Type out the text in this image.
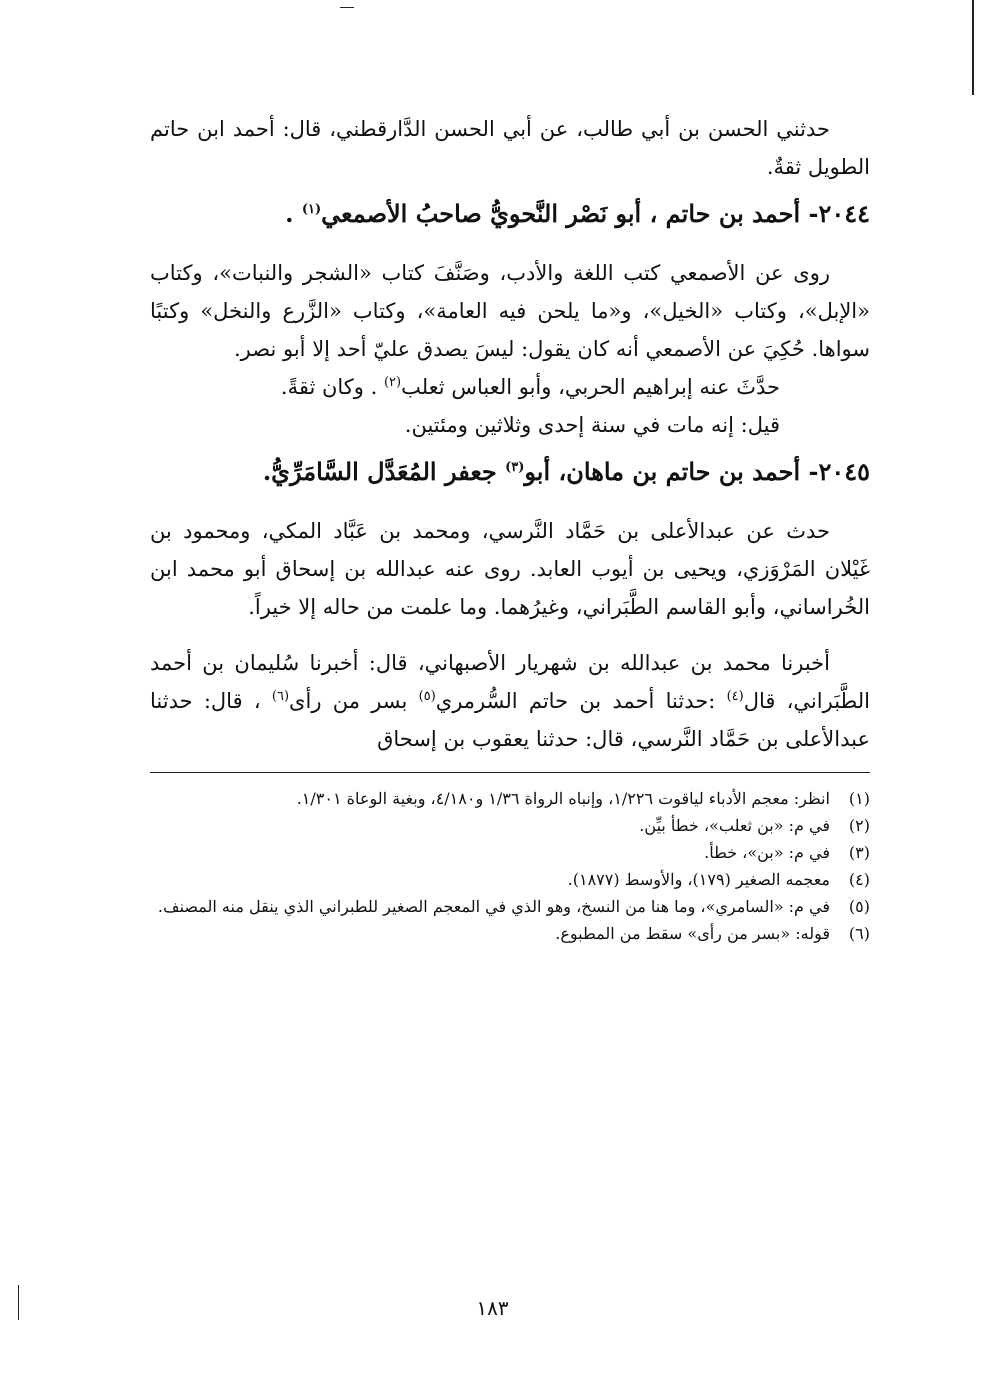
حدثني الحسن بن أبي طالب، عن أبي الحسن الدَّارقطني، قال: أحمد ابن حاتم الطويل ثقةٌ.

٢٠٤٤- أحمد بن حاتم ، أبو نَصْر النَّحويُّ صاحبُ الأصمعي$^{(١)}$ .

روى عن الأصمعي كتب اللغة والأدب، وصَنَّفَ كتاب «الشجر والنبات»، وكتاب «الإبل»، وكتاب «الخيل»، و«ما يلحن فيه العامة»، وكتاب «الزَّرع والنخل» وكتبًا سواها. حُكِيَ عن الأصمعي أنه كان يقول: ليسَ يصدق عليّ أحد إلا أبو نصر.

حدَّثَ عنه إبراهيم الحربي، وأبو العباس ثعلب$^{(٢)}$ . وكان ثقةً.

قيل: إنه مات في سنة إحدى وثلاثين ومئتين.

٢٠٤٥- أحمد بن حاتم بن ماهان، أبو$^{(٣)}$ جعفر المُعَدَّل السَّامَرِّيُّ.

حدث عن عبدالأعلى بن حَمَّاد النَّرسي، ومحمد بن عَبَّاد المكي، ومحمود بن غَيْلان المَرْوَزي، ويحيى بن أيوب العابد. روى عنه عبدالله بن إسحاق أبو محمد ابن الخُراساني، وأبو القاسم الطَّبَراني، وغيرُهما. وما علمت من حاله إلا خيراً.

أخبرنا محمد بن عبدالله بن شهريار الأصبهاني، قال: أخبرنا سُليمان بن أحمد الطَّبَراني، قال$^{(٤)}$ :حدثنا أحمد بن حاتم السُّرمري$^{(٥)}$ بسر من رأى$^{(٦)}$ ، قال: حدثنا عبدالأعلى بن حَمَّاد النَّرسي، قال: حدثنا يعقوب بن إسحاق

(١)
انظر: معجم الأدباء لياقوت ١/٢٢٦، وإنباه الرواة ١/٣٦ و٤/١٨٠، وبغية الوعاة ١/٣٠١.
(٢)
في م: «بن ثعلب»، خطأ بيِّن.
(٣)
في م: «بن»، خطأ.
(٤)
معجمه الصغير (١٧٩)، والأوسط (١٨٧٧).
(٥)
في م: «السامري»، وما هنا من النسخ، وهو الذي في المعجم الصغير للطبراني الذي ينقل منه المصنف.
(٦)
قوله: «بسر من رأى» سقط من المطبوع.
١٨٣
